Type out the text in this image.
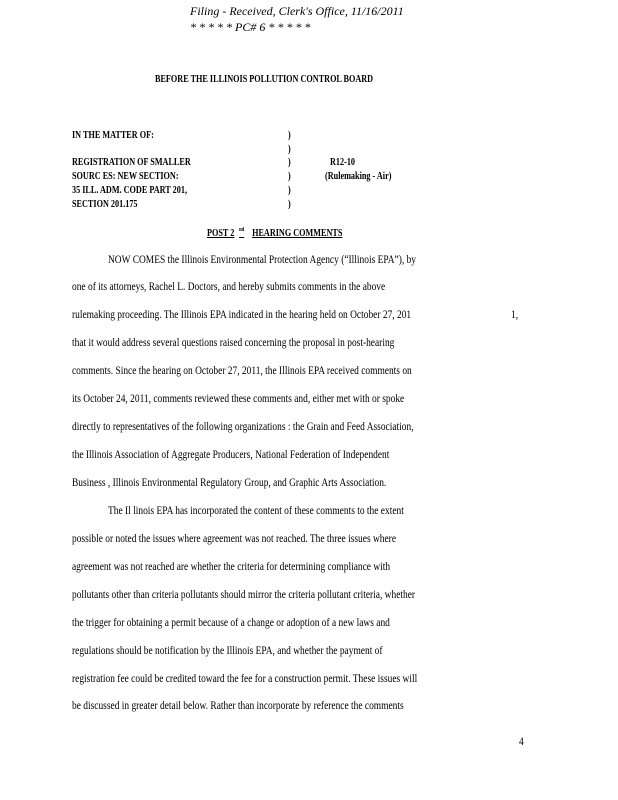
Filing - Received, Clerk's Office, 11/16/2011
* * * * * PC# 6 * * * * *
BEFORE THE ILLINOIS POLLUTION CONTROL BOARD
IN THE MATTER OF:
REGISTRATION OF SMALLER
SOURC ES: NEW SECTION:
35 ILL. ADM. CODE PART 201,
SECTION 201.175
)
)
)
)
)
)
R12-10
(Rulemaking - Air)
POST 2 $^{nd}$ HEARING COMMENTS
NOW COMES the Illinois Environmental Protection Agency (“Illinois EPA”), by
one of its attorneys, Rachel L. Doctors, and hereby submits comments in the above
rulemaking proceeding. The Illinois EPA indicated in the hearing held on October 27, 201	1,
that it would address several questions raised concerning the proposal in post-hearing
comments. Since the hearing on October 27, 2011, the Illinois EPA received comments on
its October 24, 2011, comments reviewed these comments and, either met with or spoke
directly to representatives of the following organizations : the Grain and Feed Association,
the Illinois Association of Aggregate Producers, National Federation of Independent
Business , Illinois Environmental Regulatory Group, and Graphic Arts Association.
The Il linois EPA has incorporated the content of these comments to the extent
possible or noted the issues where agreement was not reached. The three issues where
agreement was not reached are whether the criteria for determining compliance with
pollutants other than criteria pollutants should mirror the criteria pollutant criteria, whether
the trigger for obtaining a permit because of a change or adoption of a new laws and
regulations should be notification by the Illinois EPA, and whether the payment of
registration fee could be credited toward the fee for a construction permit. These issues will
be discussed in greater detail below. Rather than incorporate by reference the comments
4
